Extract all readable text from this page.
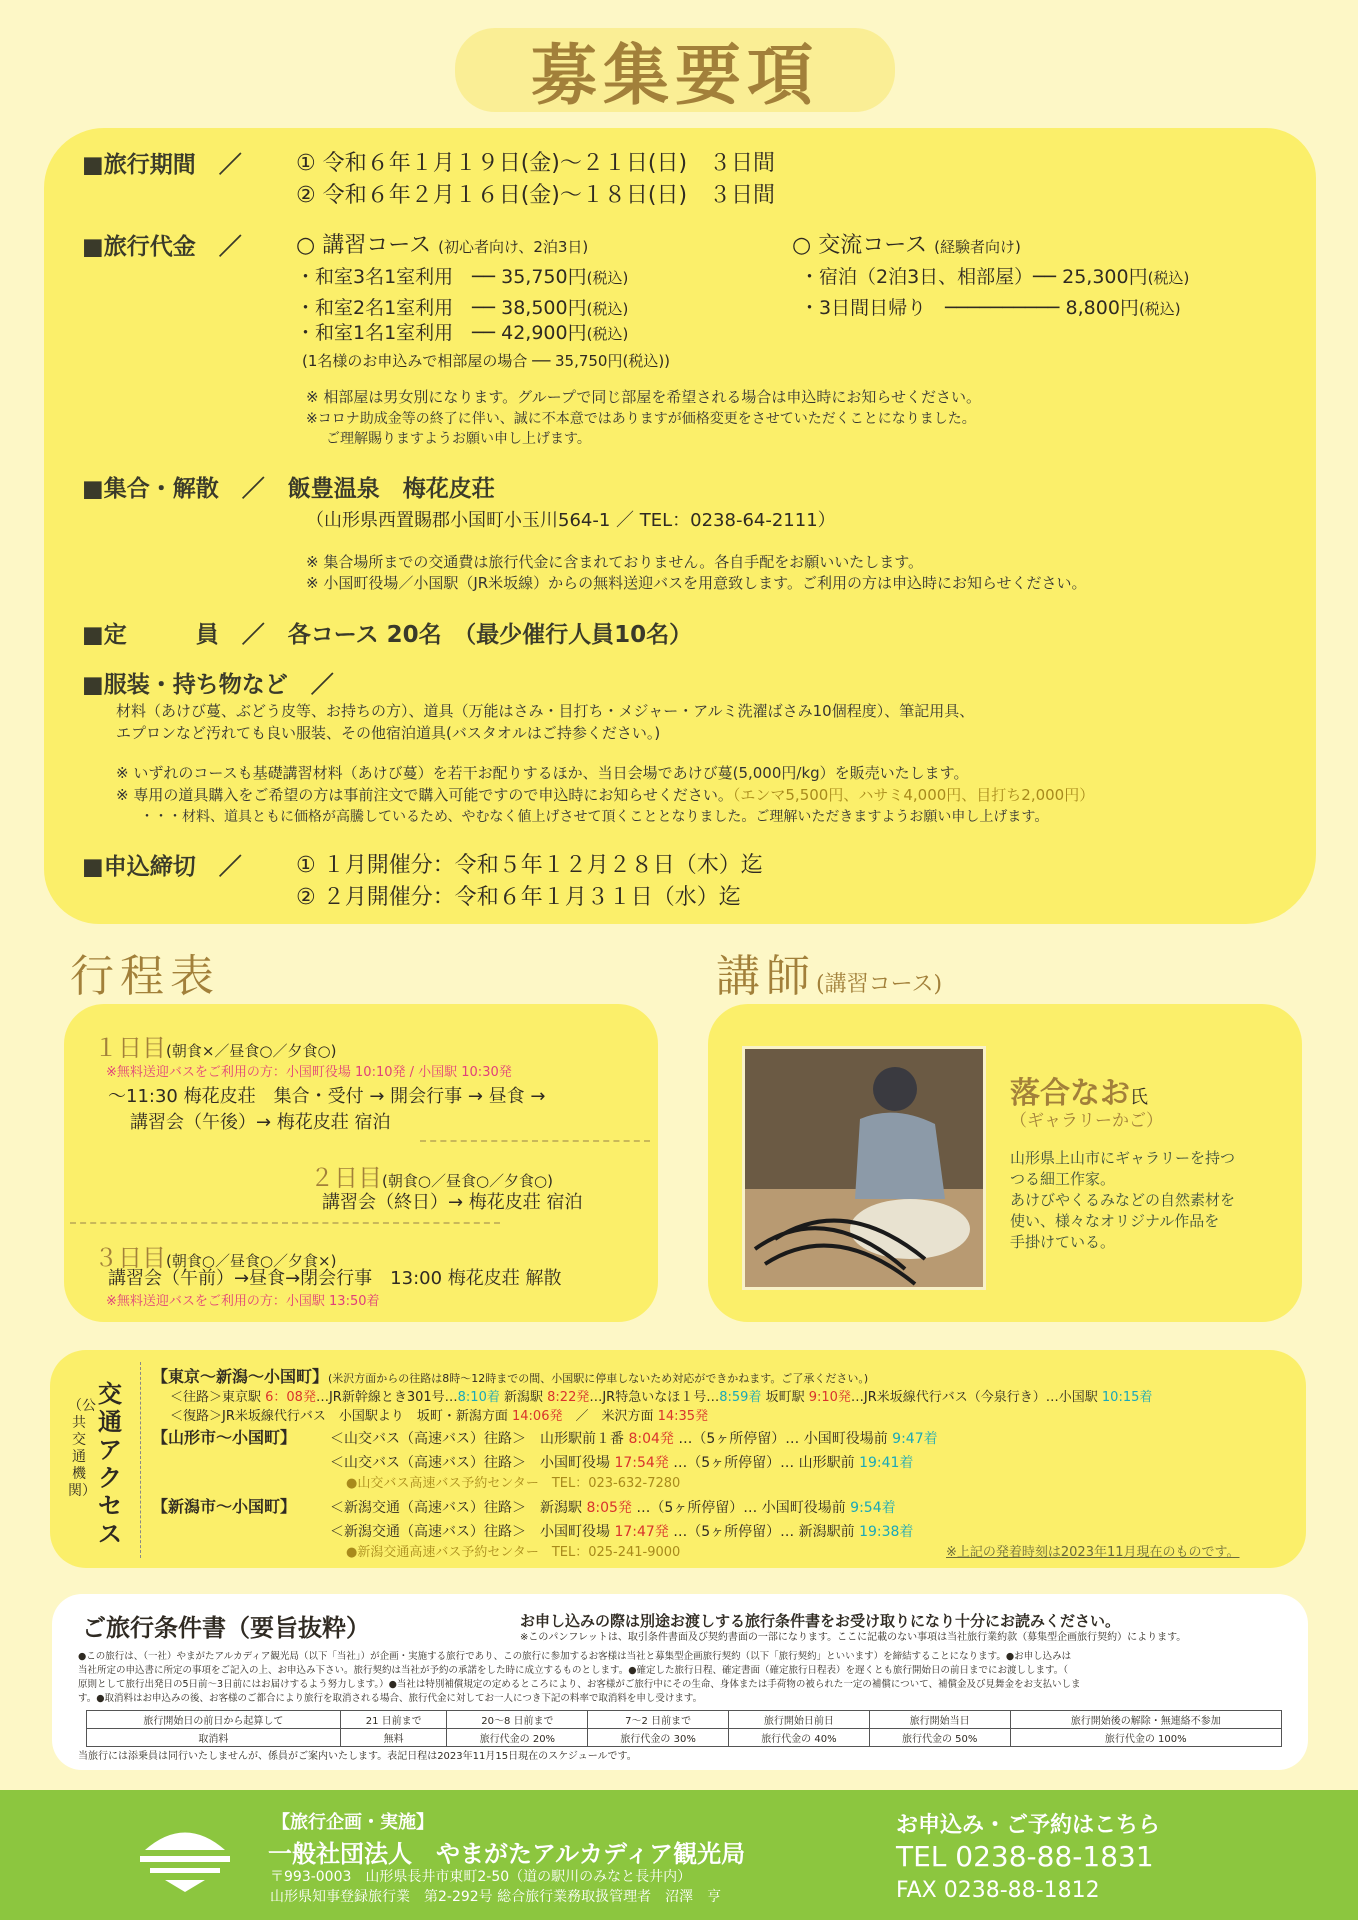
募集要項
■旅行期間　／ ① 令和６年１月１９日(金)～２１日(日)　３日間
② 令和６年２月１６日(金)～１８日(日)　３日間
■旅行代金　／ ○ 講習コース (初心者向け、2泊3日)
・和室3名1室利用　── 35,750円(税込)
・和室2名1室利用　── 38,500円(税込)
・和室1名1室利用　── 42,900円(税込)
(1名様のお申込みで相部屋の場合 ── 35,750円(税込))
○ 交流コース (経験者向け)
・宿泊（2泊3日、相部屋）── 25,300円(税込)
・3日間日帰り　────────── 8,800円(税込)
※ 相部屋は男女別になります。グループで同じ部屋を希望される場合は申込時にお知らせください。
※コロナ助成金等の終了に伴い、誠に不本意ではありますが価格変更をさせていただくことになりました。
ご理解賜りますようお願い申し上げます。
■集合・解散　／　飯豊温泉　梅花皮荘
（山形県西置賜郡小国町小玉川564-1 ／ TEL：0238-64-2111）
※ 集合場所までの交通費は旅行代金に含まれておりません。各自手配をお願いいたします。
※ 小国町役場／小国駅（JR米坂線）からの無料送迎バスを用意致します。ご利用の方は申込時にお知らせください。
■定　　　員　／　各コース 20名　（最少催行人員10名）
■服装・持ち物など　／
材料（あけび蔓、ぶどう皮等、お持ちの方）、道具（万能はさみ・目打ち・メジャー・アルミ洗濯ばさみ10個程度）、筆記用具、
エプロンなど汚れても良い服装、その他宿泊道具(バスタオルはご持参ください。)
※ いずれのコースも基礎講習材料（あけび蔓）を若干お配りするほか、当日会場であけび蔓(5,000円/kg）を販売いたします。
※ 専用の道具購入をご希望の方は事前注文で購入可能ですので申込時にお知らせください。（エンマ5,500円、ハサミ4,000円、目打ち2,000円）
・・・材料、道具ともに価格が高騰しているため、やむなく値上げさせて頂くこととなりました。ご理解いただきますようお願い申し上げます。
■申込締切　／ ① １月開催分：令和５年１２月２８日（木）迄
② ２月開催分：令和６年１月３１日（水）迄
行程表
１日目(朝食×／昼食○／夕食○)
※無料送迎バスをご利用の方：小国町役場 10:10発 / 小国駅 10:30発
～11:30 梅花皮荘　集合・受付 → 開会行事 → 昼食 →
講習会（午後）→ 梅花皮荘 宿泊
２日目(朝食○／昼食○／夕食○)
講習会（終日）→ 梅花皮荘 宿泊
３日目(朝食○／昼食○／夕食×)
講習会（午前）→昼食→閉会行事　13:00 梅花皮荘 解散
※無料送迎バスをご利用の方：小国駅 13:50着
講師(講習コース)
落合なお氏
（ギャラリーかご）
山形県上山市にギャラリーを持つ
つる細工作家。
あけびやくるみなどの自然素材を
使い、様々なオリジナル作品を
手掛けている。
交通アクセス
（公共交通機関）
【東京～新潟～小国町】(米沢方面からの往路は8時～12時までの間、小国駅に停車しないため対応ができかねます。ご了承ください。)
＜往路＞東京駅 6：08発…JR新幹線とき301号…8:10着 新潟駅 8:22発…JR特急いなほ１号…8:59着 坂町駅 9:10発…JR米坂線代行バス（今泉行き）…小国駅 10:15着
＜復路＞JR米坂線代行バス　小国駅より　坂町・新潟方面 14:06発　／　米沢方面 14:35発
【山形市～小国町】 ＜山交バス（高速バス）往路＞　山形駅前１番 8:04発 …（5ヶ所停留）… 小国町役場前 9:47着
＜山交バス（高速バス）往路＞　小国町役場 17:54発 …（5ヶ所停留）… 山形駅前 19:41着
●山交バス高速バス予約センター　TEL：023-632-7280
【新潟市～小国町】 ＜新潟交通（高速バス）往路＞　新潟駅 8:05発 …（5ヶ所停留）… 小国町役場前 9:54着
＜新潟交通（高速バス）往路＞　小国町役場 17:47発 …（5ヶ所停留）… 新潟駅前 19:38着
●新潟交通高速バス予約センター　TEL：025-241-9000	※上記の発着時刻は2023年11月現在のものです。
ご旅行条件書（要旨抜粋）	お申し込みの際は別途お渡しする旅行条件書をお受け取りになり十分にお読みください。
※このパンフレットは、取引条件書面及び契約書面の一部になります。ここに記載のない事項は当社旅行業約款（募集型企画旅行契約）によります。
●この旅行は、（一社）やまがたアルカディア観光局（以下「当社」）が企画・実施する旅行であり、この旅行に参加するお客様は当社と募集型企画旅行契約（以下「旅行契約」といいます）を締結することになります。●お申し込みは
当社所定の申込書に所定の事項をご記入の上、お申込み下さい。旅行契約は当社が予約の承諾をした時に成立するものとします。●確定した旅行日程、確定書面（確定旅行日程表）を遅くとも旅行開始日の前日までにお渡しします。（
原則として旅行出発日の5日前～3日前にはお届けするよう努力します。）●当社は特別補償規定の定めるところにより、お客様がご旅行中にその生命、身体または手荷物の被られた一定の補償について、補償金及び見舞金をお支払いしま
す。●取消料はお申込みの後、お客様のご都合により旅行を取消される場合、旅行代金に対してお一人につき下記の料率で取消料を申し受けます。
旅行開始日の前日から起算して	21 日前まで	20～8 日前まで	7～2 日前まで	旅行開始日前日	旅行開始当日	旅行開始後の解除・無連絡不参加
取消料	無料	旅行代金の 20%	旅行代金の 30%	旅行代金の 40%	旅行代金の 50%	旅行代金の 100%
当旅行には添乗員は同行いたしませんが、係員がご案内いたします。表記日程は2023年11月15日現在のスケジュールです。
【旅行企画・実施】
一般社団法人　やまがたアルカディア観光局
〒993-0003　山形県長井市東町2-50（道の駅川のみなと長井内）
山形県知事登録旅行業　第2-292号 総合旅行業務取扱管理者　沼澤　亨
お申込み・ご予約はこちら
TEL 0238-88-1831
FAX 0238-88-1812
